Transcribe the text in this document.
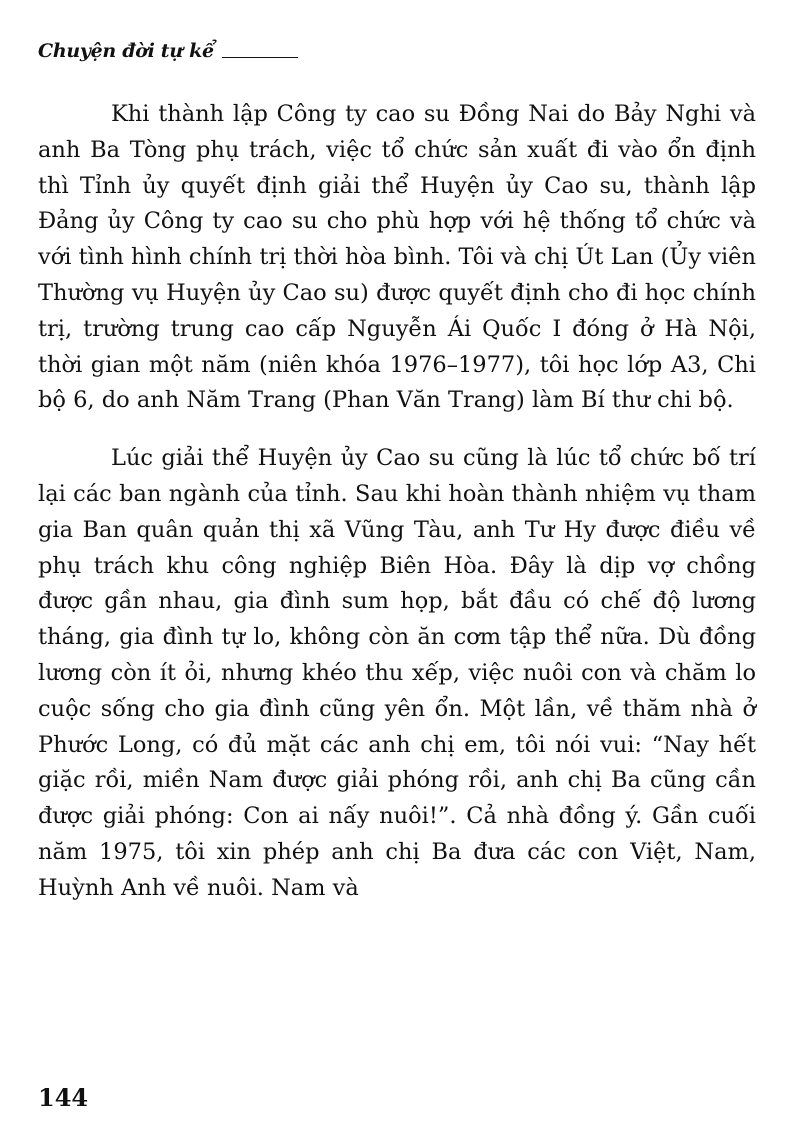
Chuyện đời tự kể

Khi thành lập Công ty cao su Đồng Nai do Bảy Nghi và anh Ba Tòng phụ trách, việc tổ chức sản xuất đi vào ổn định thì Tỉnh ủy quyết định giải thể Huyện ủy Cao su, thành lập Đảng ủy Công ty cao su cho phù hợp với hệ thống tổ chức và với tình hình chính trị thời hòa bình. Tôi và chị Út Lan (Ủy viên Thường vụ Huyện ủy Cao su) được quyết định cho đi học chính trị, trường trung cao cấp Nguyễn Ái Quốc I đóng ở Hà Nội, thời gian một năm (niên khóa 1976–1977), tôi học lớp A3, Chi bộ 6, do anh Năm Trang (Phan Văn Trang) làm Bí thư chi bộ.

Lúc giải thể Huyện ủy Cao su cũng là lúc tổ chức bố trí lại các ban ngành của tỉnh. Sau khi hoàn thành nhiệm vụ tham gia Ban quân quản thị xã Vũng Tàu, anh Tư Hy được điều về phụ trách khu công nghiệp Biên Hòa. Đây là dịp vợ chồng được gần nhau, gia đình sum họp, bắt đầu có chế độ lương tháng, gia đình tự lo, không còn ăn cơm tập thể nữa. Dù đồng lương còn ít ỏi, nhưng khéo thu xếp, việc nuôi con và chăm lo cuộc sống cho gia đình cũng yên ổn. Một lần, về thăm nhà ở Phước Long, có đủ mặt các anh chị em, tôi nói vui: “Nay hết giặc rồi, miền Nam được giải phóng rồi, anh chị Ba cũng cần được giải phóng: Con ai nấy nuôi!”. Cả nhà đồng ý. Gần cuối năm 1975, tôi xin phép anh chị Ba đưa các con Việt, Nam, Huỳnh Anh về nuôi. Nam và

144
